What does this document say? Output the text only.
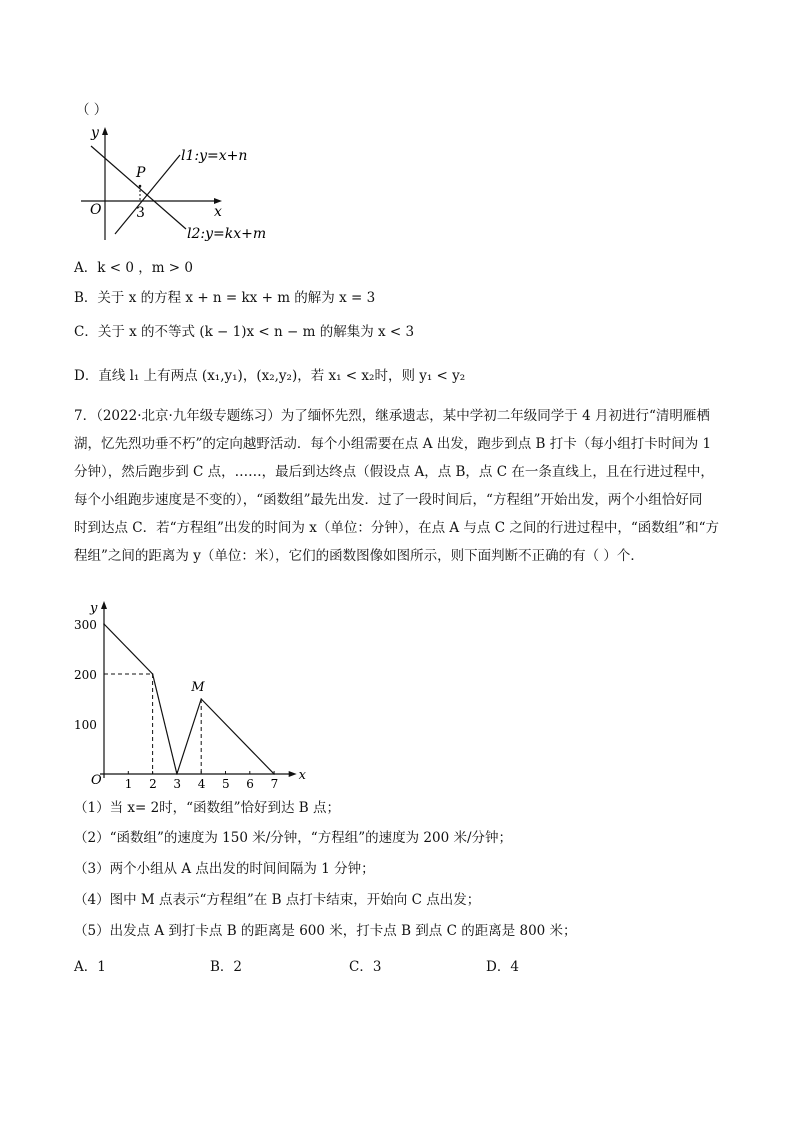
（ ）
y
x
O
P
3
l1:y=x+n
l2:y=kx+m
A．k < 0 ，m > 0
B．关于 x 的方程 x + n = kx + m 的解为 x = 3
C．关于 x 的不等式 (k − 1)x < n − m 的解集为 x < 3
D．直线 l₁ 上有两点 (x₁,y₁)，(x₂,y₂)，若 x₁ < x₂时，则 y₁ < y₂
7．（2022·北京·九年级专题练习）为了缅怀先烈，继承遗志，某中学初二年级同学于 4 月初进行“清明雁栖
湖，忆先烈功垂不朽”的定向越野活动．每个小组需要在点 A 出发，跑步到点 B 打卡（每小组打卡时间为 1
分钟），然后跑步到 C 点，……，最后到达终点（假设点 A，点 B，点 C 在一条直线上，且在行进过程中，
每个小组跑步速度是不变的），“函数组”最先出发．过了一段时间后，“方程组”开始出发，两个小组恰好同
时到达点 C．若“方程组”出发的时间为 x（单位：分钟），在点 A 与点 C 之间的行进过程中，“函数组”和“方
程组”之间的距离为 y（单位：米），它们的函数图像如图所示，则下面判断不正确的有（ ）个．
x
y
O 1 2 3 4 5 6 7
100
200
300
M
（1）当 x= 2时，“函数组”恰好到达 B 点；
（2）“函数组”的速度为 150 米/分钟，“方程组”的速度为 200 米/分钟；
（3）两个小组从 A 点出发的时间间隔为 1 分钟；
（4）图中 M 点表示“方程组”在 B 点打卡结束，开始向 C 点出发；
（5）出发点 A 到打卡点 B 的距离是 600 米，打卡点 B 到点 C 的距离是 800 米；
A．1	B．2	C．3	D．4
